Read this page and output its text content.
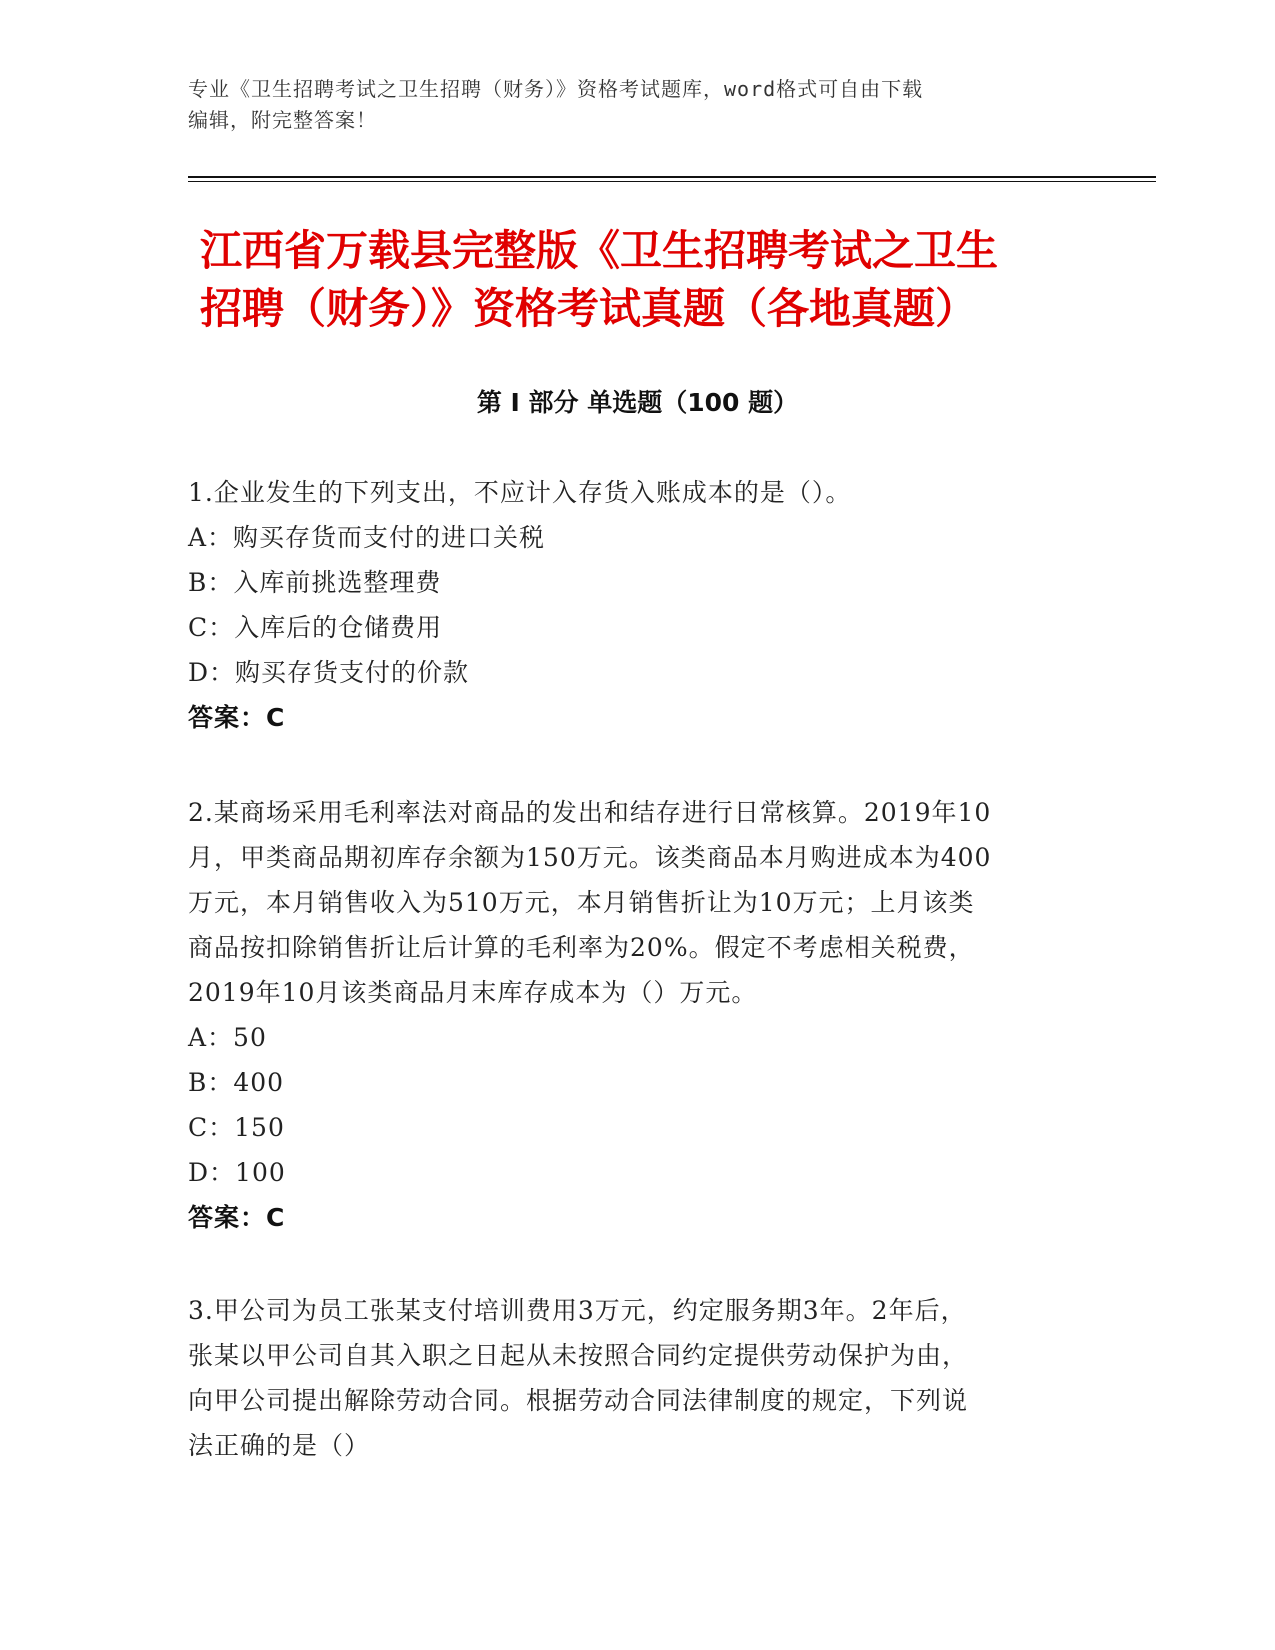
专业《卫生招聘考试之卫生招聘（财务）》资格考试题库，word格式可自由下载
编辑，附完整答案！
江西省万载县完整版《卫生招聘考试之卫生
招聘（财务）》资格考试真题（各地真题）
第 I 部分 单选题（100 题）

1.企业发生的下列支出，不应计入存货入账成本的是（）。

A：购买存货而支付的进口关税

B：入库前挑选整理费

C：入库后的仓储费用

D：购买存货支付的价款

答案：C

2.某商场采用毛利率法对商品的发出和结存进行日常核算。2019年10

月，甲类商品期初库存余额为150万元。该类商品本月购进成本为400

万元，本月销售收入为510万元，本月销售折让为10万元；上月该类

商品按扣除销售折让后计算的毛利率为20%。假定不考虑相关税费，

2019年10月该类商品月末库存成本为（）万元。

A：50

B：400

C：150

D：100

答案：C

3.甲公司为员工张某支付培训费用3万元，约定服务期3年。2年后，

张某以甲公司自其入职之日起从未按照合同约定提供劳动保护为由，

向甲公司提出解除劳动合同。根据劳动合同法律制度的规定，下列说

法正确的是（）
